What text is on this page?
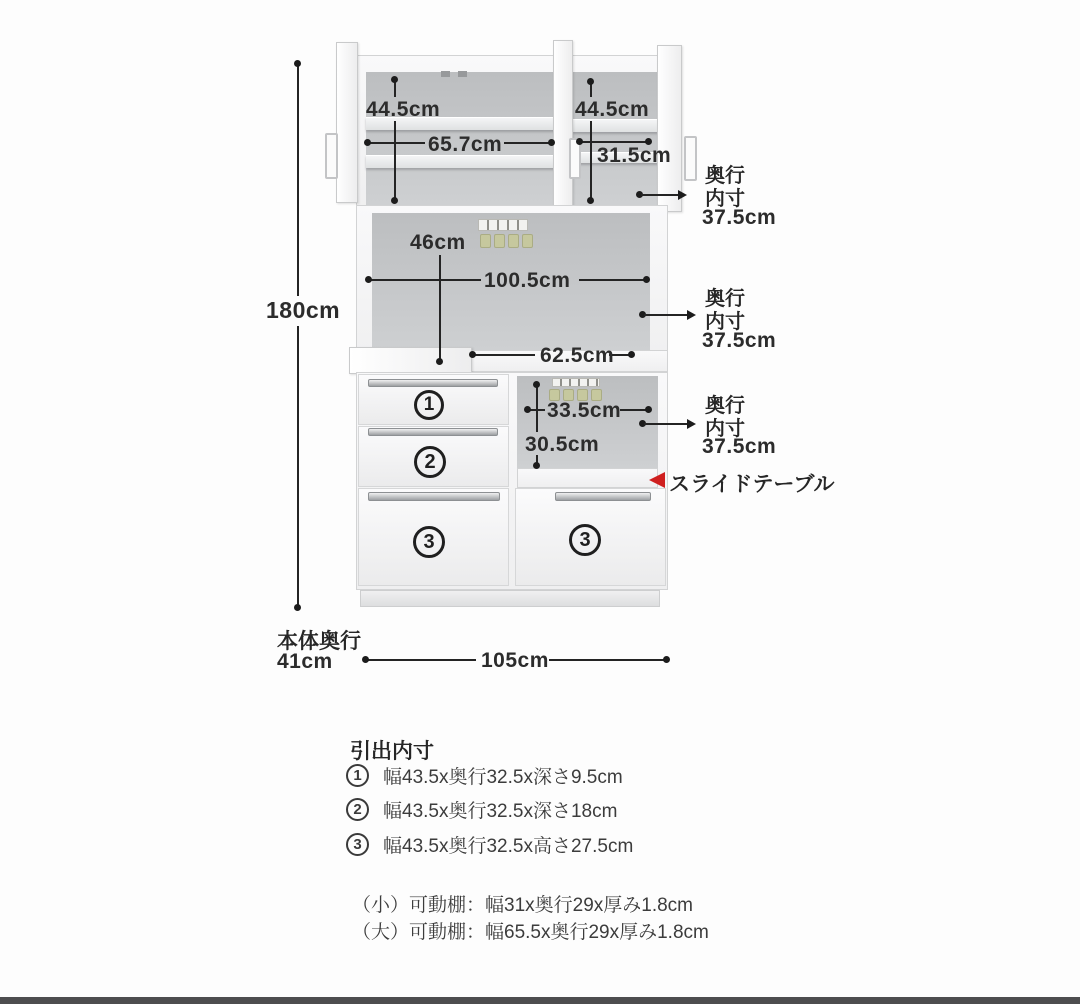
1
2
3	3
180cm
44.5cm
65.7cm
44.5cm
31.5cm
46cm
100.5cm
62.5cm
33.5cm
30.5cm
スライドテーブル
奥行
内寸
37.5cm
奥行
内寸
37.5cm
奥行
内寸
37.5cm
本体奥行
41cm	105cm
引出内寸
1	幅43.5x奥行32.5x深さ9.5cm
2	幅43.5x奥行32.5x深さ18cm
3	幅43.5x奥行32.5x高さ27.5cm
（小）可動棚：幅31x奥行29x厚み1.8cm
（大）可動棚：幅65.5x奥行29x厚み1.8cm
